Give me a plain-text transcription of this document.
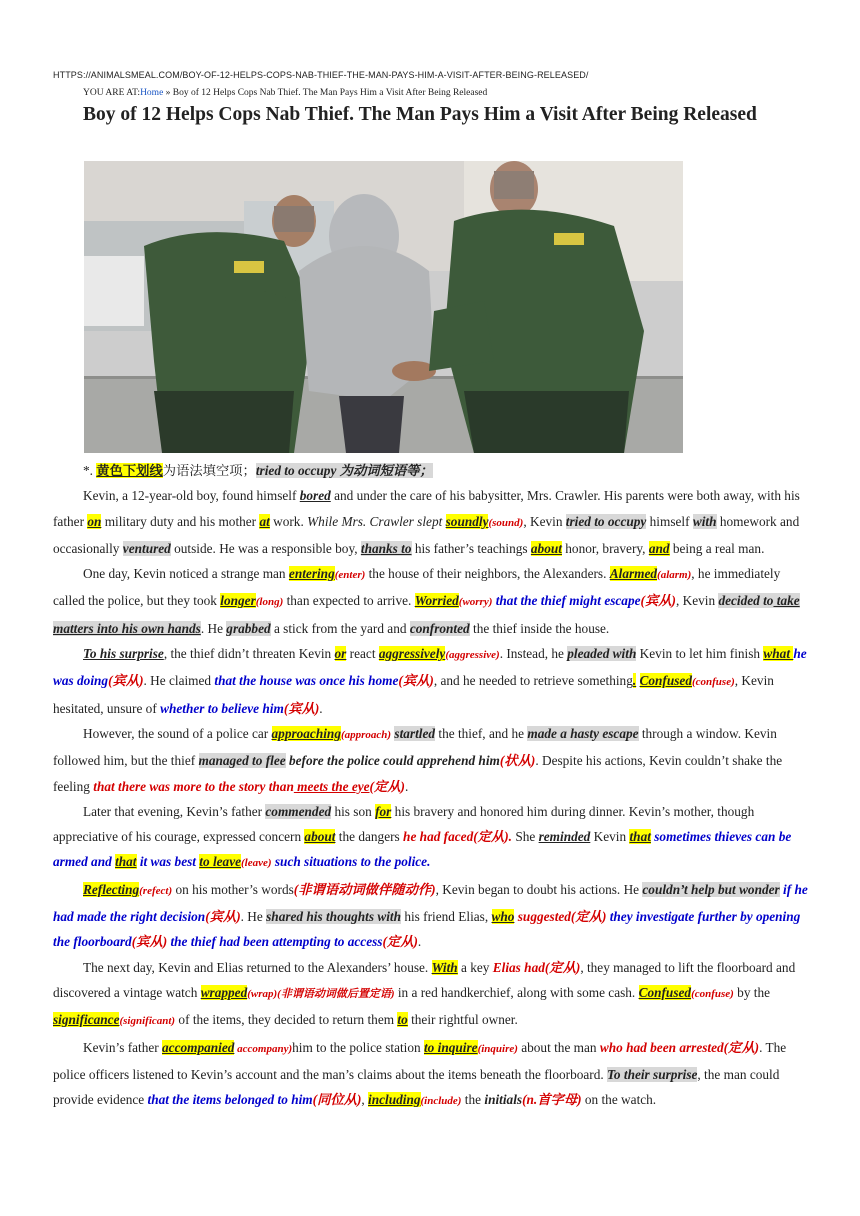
HTTPS://ANIMALSMEAL.COM/BOY-OF-12-HELPS-COPS-NAB-THIEF-THE-MAN-PAYS-HIM-A-VISIT-AFTER-BEING-RELEASED/
YOU ARE AT:Home » Boy of 12 Helps Cops Nab Thief. The Man Pays Him a Visit After Being Released
Boy of 12 Helps Cops Nab Thief. The Man Pays Him a Visit After Being Released

*. 黄色下划线为语法填空项；tried to occupy 为动词短语等；

Kevin, a 12-year-old boy, found himself bored and under the care of his babysitter, Mrs. Crawler. His parents were both away, with his father on military duty and his mother at work. While Mrs. Crawler slept soundly(sound), Kevin tried to occupy himself with homework and occasionally ventured outside. He was a responsible boy, thanks to his father’s teachings about honor, bravery, and being a real man.

One day, Kevin noticed a strange man entering(enter) the house of their neighbors, the Alexanders. Alarmed(alarm), he immediately called the police, but they took longer(long) than expected to arrive. Worried(worry) that the thief might escape(宾从), Kevin decided to take matters into his own hands. He grabbed a stick from the yard and confronted the thief inside the house.

To his surprise, the thief didn’t threaten Kevin or react aggressively(aggressive). Instead, he pleaded with Kevin to let him finish what he was doing(宾从). He claimed that the house was once his home(宾从), and he needed to retrieve something. Confused(confuse), Kevin hesitated, unsure of whether to believe him(宾从).

However, the sound of a police car approaching(approach) startled the thief, and he made a hasty escape through a window. Kevin followed him, but the thief managed to flee before the police could apprehend him(状从). Despite his actions, Kevin couldn’t shake the feeling that there was more to the story than meets the eye(定从).

Later that evening, Kevin’s father commended his son for his bravery and honored him during dinner. Kevin’s mother, though appreciative of his courage, expressed concern about the dangers he had faced(定从). She reminded Kevin that sometimes thieves can be armed and that it was best to leave(leave) such situations to the police.

Reflecting(refect) on his mother’s words(非谓语动词做伴随动作), Kevin began to doubt his actions. He couldn’t help but wonder if he had made the right decision(宾从). He shared his thoughts with his friend Elias, who suggested(定从) they investigate further by opening the floorboard(宾从) the thief had been attempting to access(定从).

The next day, Kevin and Elias returned to the Alexanders’ house. With a key Elias had(定从), they managed to lift the floorboard and discovered a vintage watch wrapped(wrap)(非谓语动词做后置定语) in a red handkerchief, along with some cash. Confused(confuse) by the significance(significant) of the items, they decided to return them to their rightful owner.

Kevin’s father accompanied accompany)him to the police station to inquire(inquire) about the man who had been arrested(定从). The police officers listened to Kevin’s account and the man’s claims about the items beneath the floorboard. To their surprise, the man could provide evidence that the items belonged to him(同位从), including(include) the initials(n.首字母) on the watch.
